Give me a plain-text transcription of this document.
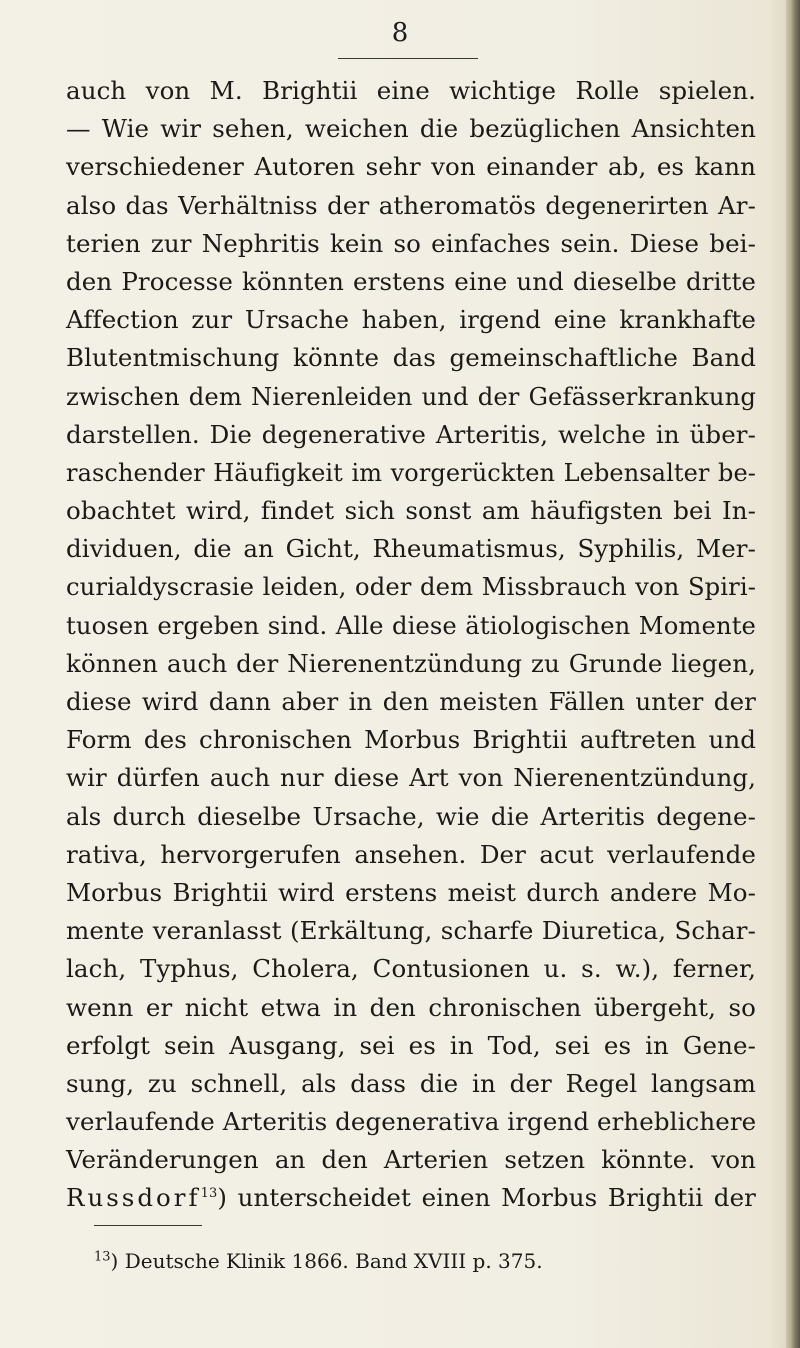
8
auch von M. Brightii eine wichtige Rolle spielen.
— Wie wir sehen, weichen die bezüglichen Ansichten
verschiedener Autoren sehr von einander ab, es kann
also das Verhältniss der atheromatös degenerirten Ar-
terien zur Nephritis kein so einfaches sein. Diese bei-
den Processe könnten erstens eine und dieselbe dritte
Affection zur Ursache haben, irgend eine krankhafte
Blutentmischung könnte das gemeinschaftliche Band
zwischen dem Nierenleiden und der Gefässerkrankung
darstellen. Die degenerative Arteritis, welche in über-
raschender Häufigkeit im vorgerückten Lebensalter be-
obachtet wird, findet sich sonst am häufigsten bei In-
dividuen, die an Gicht, Rheumatismus, Syphilis, Mer-
curialdyscrasie leiden, oder dem Missbrauch von Spiri-
tuosen ergeben sind. Alle diese ätiologischen Momente
können auch der Nierenentzündung zu Grunde liegen,
diese wird dann aber in den meisten Fällen unter der
Form des chronischen Morbus Brightii auftreten und
wir dürfen auch nur diese Art von Nierenentzündung,
als durch dieselbe Ursache, wie die Arteritis degene-
rativa, hervorgerufen ansehen. Der acut verlaufende
Morbus Brightii wird erstens meist durch andere Mo-
mente veranlasst (Erkältung, scharfe Diuretica, Schar-
lach, Typhus, Cholera, Contusionen u. s. w.), ferner,
wenn er nicht etwa in den chronischen übergeht, so
erfolgt sein Ausgang, sei es in Tod, sei es in Gene-
sung, zu schnell, als dass die in der Regel langsam
verlaufende Arteritis degenerativa irgend erheblichere
Veränderungen an den Arterien setzen könnte. von
Russdorf$^{13}$) unterscheidet einen Morbus Brightii der
$^{13}$) Deutsche Klinik 1866. Band XVIII p. 375.
